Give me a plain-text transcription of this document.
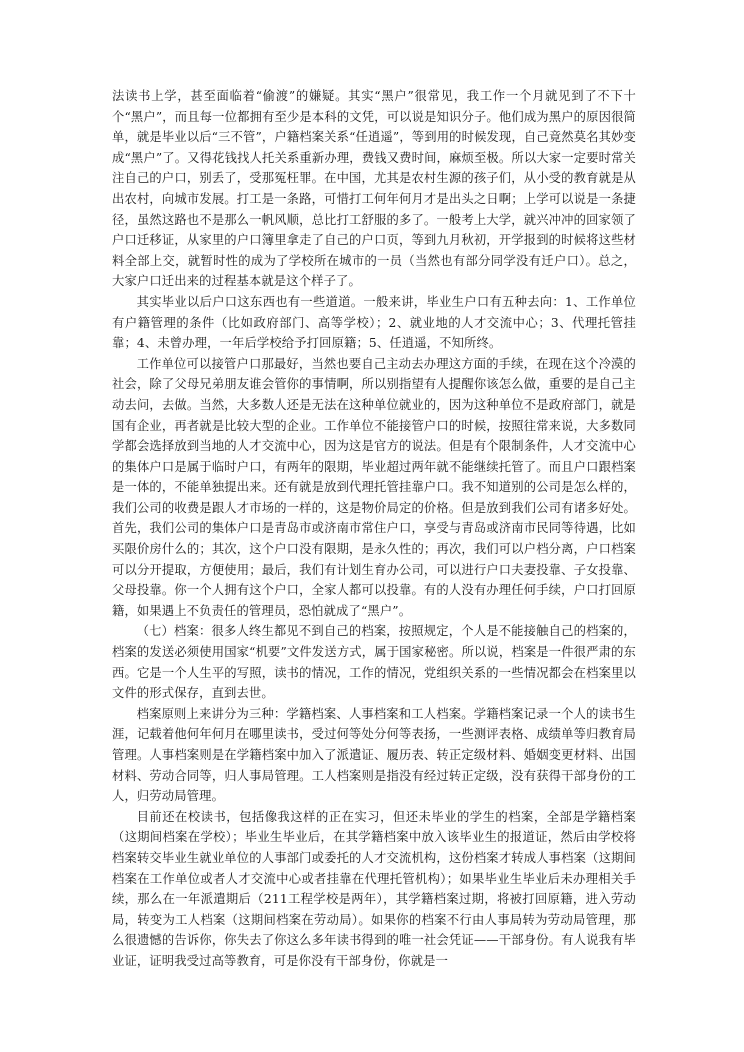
法读书上学，甚至面临着“偷渡”的嫌疑。其实“黑户”很常见，我工作一个月就见到了不下十个“黑户”，而且每一位都拥有至少是本科的文凭，可以说是知识分子。他们成为黑户的原因很简单，就是毕业以后“三不管”，户籍档案关系“任逍遥”，等到用的时候发现，自己竟然莫名其妙变成“黑户”了。又得花钱找人托关系重新办理，费钱又费时间，麻烦至极。所以大家一定要时常关注自己的户口，别丢了，受那冤枉罪。在中国，尤其是农村生源的孩子们，从小受的教育就是从出农村，向城市发展。打工是一条路，可惜打工何年何月才是出头之日啊；上学可以说是一条捷径，虽然这路也不是那么一帆风顺，总比打工舒服的多了。一般考上大学，就兴冲冲的回家领了户口迁移证，从家里的户口簿里拿走了自己的户口页，等到九月秋初，开学报到的时候将这些材料全部上交，就暂时性的成为了学校所在城市的一员（当然也有部分同学没有迁户口）。总之，大家户口迁出来的过程基本就是这个样子了。

其实毕业以后户口这东西也有一些道道。一般来讲，毕业生户口有五种去向：1、工作单位有户籍管理的条件（比如政府部门、高等学校）；2、就业地的人才交流中心；3、代理托管挂靠；4、未曾办理，一年后学校给予打回原籍；5、任逍遥，不知所终。

工作单位可以接管户口那最好，当然也要自己主动去办理这方面的手续，在现在这个冷漠的社会，除了父母兄弟朋友谁会管你的事情啊，所以别指望有人提醒你该怎么做，重要的是自己主动去问，去做。当然，大多数人还是无法在这种单位就业的，因为这种单位不是政府部门，就是国有企业，再者就是比较大型的企业。工作单位不能接管户口的时候，按照往常来说，大多数同学都会选择放到当地的人才交流中心，因为这是官方的说法。但是有个限制条件，人才交流中心的集体户口是属于临时户口，有两年的限期，毕业超过两年就不能继续托管了。而且户口跟档案是一体的，不能单独提出来。还有就是放到代理托管挂靠户口。我不知道别的公司是怎么样的，我们公司的收费是跟人才市场的一样的，这是物价局定的价格。但是放到我们公司有诸多好处。首先，我们公司的集体户口是青岛市或济南市常住户口，享受与青岛或济南市民同等待遇，比如买限价房什么的；其次，这个户口没有限期，是永久性的；再次，我们可以户档分离，户口档案可以分开提取，方便使用；最后，我们有计划生育办公司，可以进行户口夫妻投靠、子女投靠、父母投靠。你一个人拥有这个户口，全家人都可以投靠。有的人没有办理任何手续，户口打回原籍，如果遇上不负责任的管理员，恐怕就成了“黑户”。

（七）档案：很多人终生都见不到自己的档案，按照规定，个人是不能接触自己的档案的，档案的发送必须使用国家“机要”文件发送方式，属于国家秘密。所以说，档案是一件很严肃的东西。它是一个人生平的写照，读书的情况，工作的情况，党组织关系的一些情况都会在档案里以文件的形式保存，直到去世。

档案原则上来讲分为三种：学籍档案、人事档案和工人档案。学籍档案记录一个人的读书生涯，记载着他何年何月在哪里读书，受过何等处分何等表扬，一些测评表格、成绩单等归教育局管理。人事档案则是在学籍档案中加入了派遣证、履历表、转正定级材料、婚姻变更材料、出国材料、劳动合同等，归人事局管理。工人档案则是指没有经过转正定级，没有获得干部身份的工人，归劳动局管理。

目前还在校读书，包括像我这样的正在实习，但还未毕业的学生的档案，全部是学籍档案（这期间档案在学校）；毕业生毕业后，在其学籍档案中放入该毕业生的报道证，然后由学校将档案转交毕业生就业单位的人事部门或委托的人才交流机构，这份档案才转成人事档案（这期间档案在工作单位或者人才交流中心或者挂靠在代理托管机构）；如果毕业生毕业后未办理相关手续，那么在一年派遣期后（211工程学校是两年），其学籍档案过期，将被打回原籍，进入劳动局，转变为工人档案（这期间档案在劳动局）。如果你的档案不行由人事局转为劳动局管理，那么很遗憾的告诉你，你失去了你这么多年读书得到的唯一社会凭证——干部身份。有人说我有毕业证，证明我受过高等教育，可是你没有干部身份，你就是一
